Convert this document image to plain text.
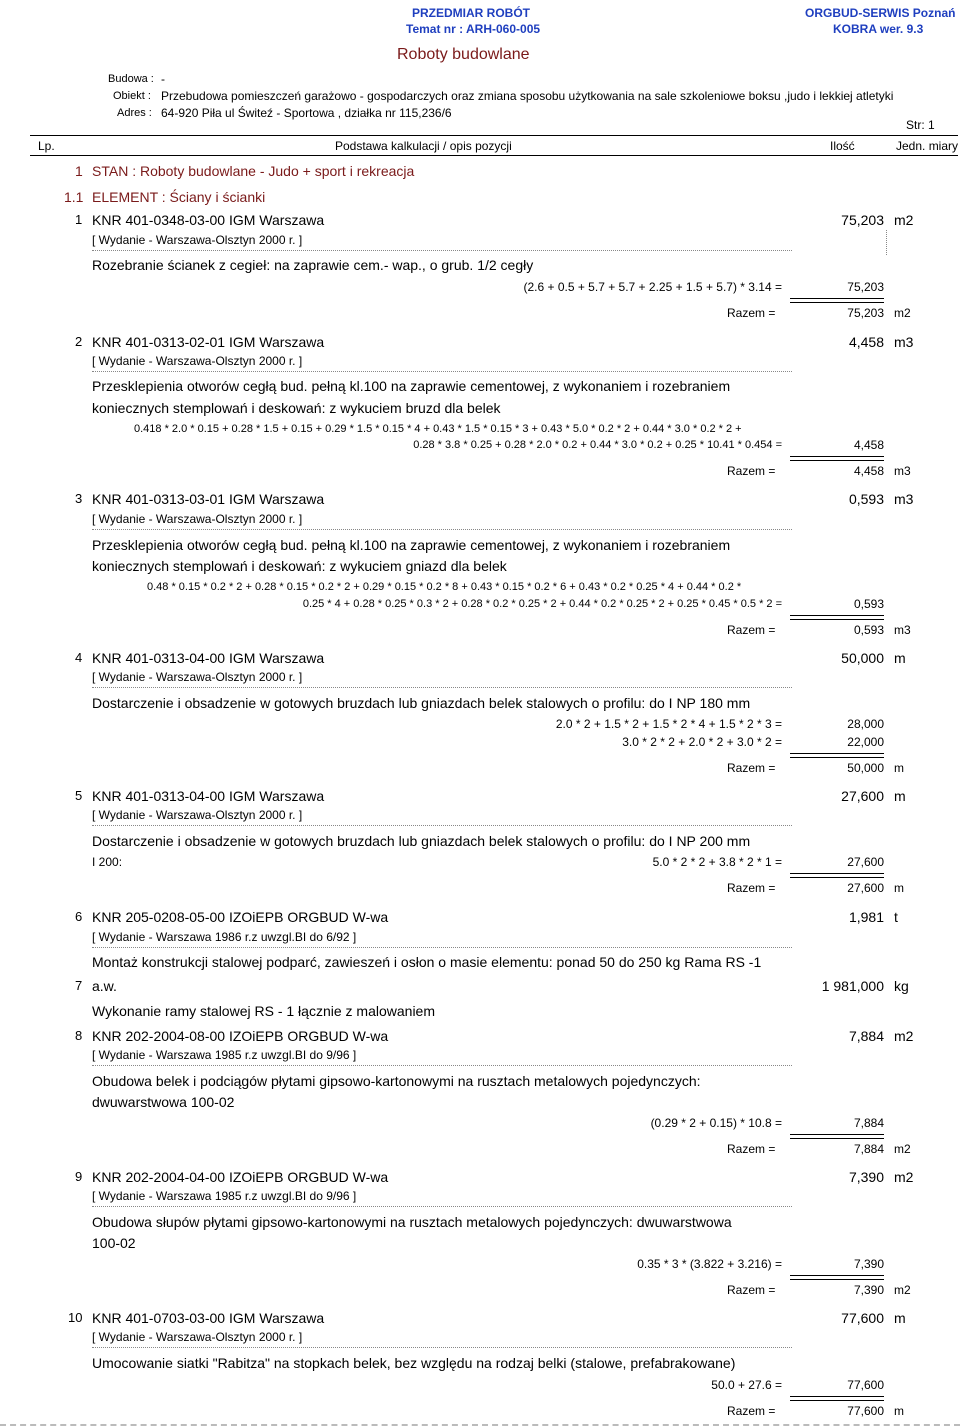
PRZEDMIAR ROBÓT
Temat nr : ARH-060-005
ORGBUD-SERWIS Poznań
KOBRA wer. 9.3
Roboty budowlane
Budowa : -
Obiekt : Przebudowa pomieszczeń garażowo - gospodarczych oraz zmiana sposobu użytkowania na sale szkoleniowe boksu ,judo i lekkiej atletyki
Adres : 64-920 Piła ul Świteź - Sportowa , działka nr 115,236/6
Str: 1
Lp.	Podstawa kalkulacji / opis pozycji	Ilość	Jedn. miary
1 STAN : Roboty budowlane - Judo + sport i rekreacja
1.1 ELEMENT : Ściany i ścianki
1 KNR 401-0348-03-00 IGM Warszawa	75,203 m2
[ Wydanie - Warszawa-Olsztyn 2000 r. ]
Rozebranie ścianek z cegieł: na zaprawie cem.- wap., o grub. 1/2 cegły
(2.6 + 0.5 + 5.7 + 5.7 + 2.25 + 1.5 + 5.7) * 3.14 =	75,203
Razem =	75,203 m2
2 KNR 401-0313-02-01 IGM Warszawa	4,458 m3
[ Wydanie - Warszawa-Olsztyn 2000 r. ]
Przesklepienia otworów cegłą bud. pełną kl.100 na zaprawie cementowej, z wykonaniem i rozebraniem
koniecznych stemplowań i deskowań: z wykuciem bruzd dla belek
0.418 * 2.0 * 0.15 + 0.28 * 1.5 + 0.15 + 0.29 * 1.5 * 0.15 * 4 + 0.43 * 1.5 * 0.15 * 3 + 0.43 * 5.0 * 0.2 * 2 + 0.44 * 3.0 * 0.2 * 2 +
0.28 * 3.8 * 0.25 + 0.28 * 2.0 * 0.2 + 0.44 * 3.0 * 0.2 + 0.25 * 10.41 * 0.454 =	4,458
Razem =	4,458 m3
3 KNR 401-0313-03-01 IGM Warszawa	0,593 m3
[ Wydanie - Warszawa-Olsztyn 2000 r. ]
Przesklepienia otworów cegłą bud. pełną kl.100 na zaprawie cementowej, z wykonaniem i rozebraniem
koniecznych stemplowań i deskowań: z wykuciem gniazd dla belek
0.48 * 0.15 * 0.2 * 2 + 0.28 * 0.15 * 0.2 * 2 + 0.29 * 0.15 * 0.2 * 8 + 0.43 * 0.15 * 0.2 * 6 + 0.43 * 0.2 * 0.25 * 4 + 0.44 * 0.2 *
0.25 * 4 + 0.28 * 0.25 * 0.3 * 2 + 0.28 * 0.2 * 0.25 * 2 + 0.44 * 0.2 * 0.25 * 2 + 0.25 * 0.45 * 0.5 * 2 =	0,593
Razem =	0,593 m3
4 KNR 401-0313-04-00 IGM Warszawa	50,000 m
[ Wydanie - Warszawa-Olsztyn 2000 r. ]
Dostarczenie i obsadzenie w gotowych bruzdach lub gniazdach belek stalowych o profilu: do I NP 180 mm
2.0 * 2 + 1.5 * 2 + 1.5 * 2 * 4 + 1.5 * 2 * 3 =	28,000
3.0 * 2 * 2 + 2.0 * 2 + 3.0 * 2 =	22,000
Razem =	50,000 m
5 KNR 401-0313-04-00 IGM Warszawa	27,600 m
[ Wydanie - Warszawa-Olsztyn 2000 r. ]
Dostarczenie i obsadzenie w gotowych bruzdach lub gniazdach belek stalowych o profilu: do I NP 200 mm
I 200:	5.0 * 2 * 2 + 3.8 * 2 * 1 =	27,600
Razem =	27,600 m
6 KNR 205-0208-05-00 IZOiEPB ORGBUD W-wa	1,981 t
[ Wydanie - Warszawa 1986 r.z uwzgl.BI do 6/92 ]
Montaż konstrukcji stalowej podparć, zawieszeń i osłon o masie elementu: ponad 50 do 250 kg Rama RS -1
7 a.w.	1 981,000 kg
Wykonanie ramy stalowej RS - 1 łącznie z malowaniem
8 KNR 202-2004-08-00 IZOiEPB ORGBUD W-wa	7,884 m2
[ Wydanie - Warszawa 1985 r.z uwzgl.BI do 9/96 ]
Obudowa belek i podciągów płytami gipsowo-kartonowymi na rusztach metalowych pojedynczych:
dwuwarstwowa 100-02
(0.29 * 2 + 0.15) * 10.8 =	7,884
Razem =	7,884 m2
9 KNR 202-2004-04-00 IZOiEPB ORGBUD W-wa	7,390 m2
[ Wydanie - Warszawa 1985 r.z uwzgl.BI do 9/96 ]
Obudowa słupów płytami gipsowo-kartonowymi na rusztach metalowych pojedynczych: dwuwarstwowa
100-02
0.35 * 3 * (3.822 + 3.216) =	7,390
Razem =	7,390 m2
10 KNR 401-0703-03-00 IGM Warszawa	77,600 m
[ Wydanie - Warszawa-Olsztyn 2000 r. ]
Umocowanie siatki "Rabitza" na stopkach belek, bez względu na rodzaj belki (stalowe, prefabrakowane)
50.0 + 27.6 =	77,600
Razem =	77,600 m
